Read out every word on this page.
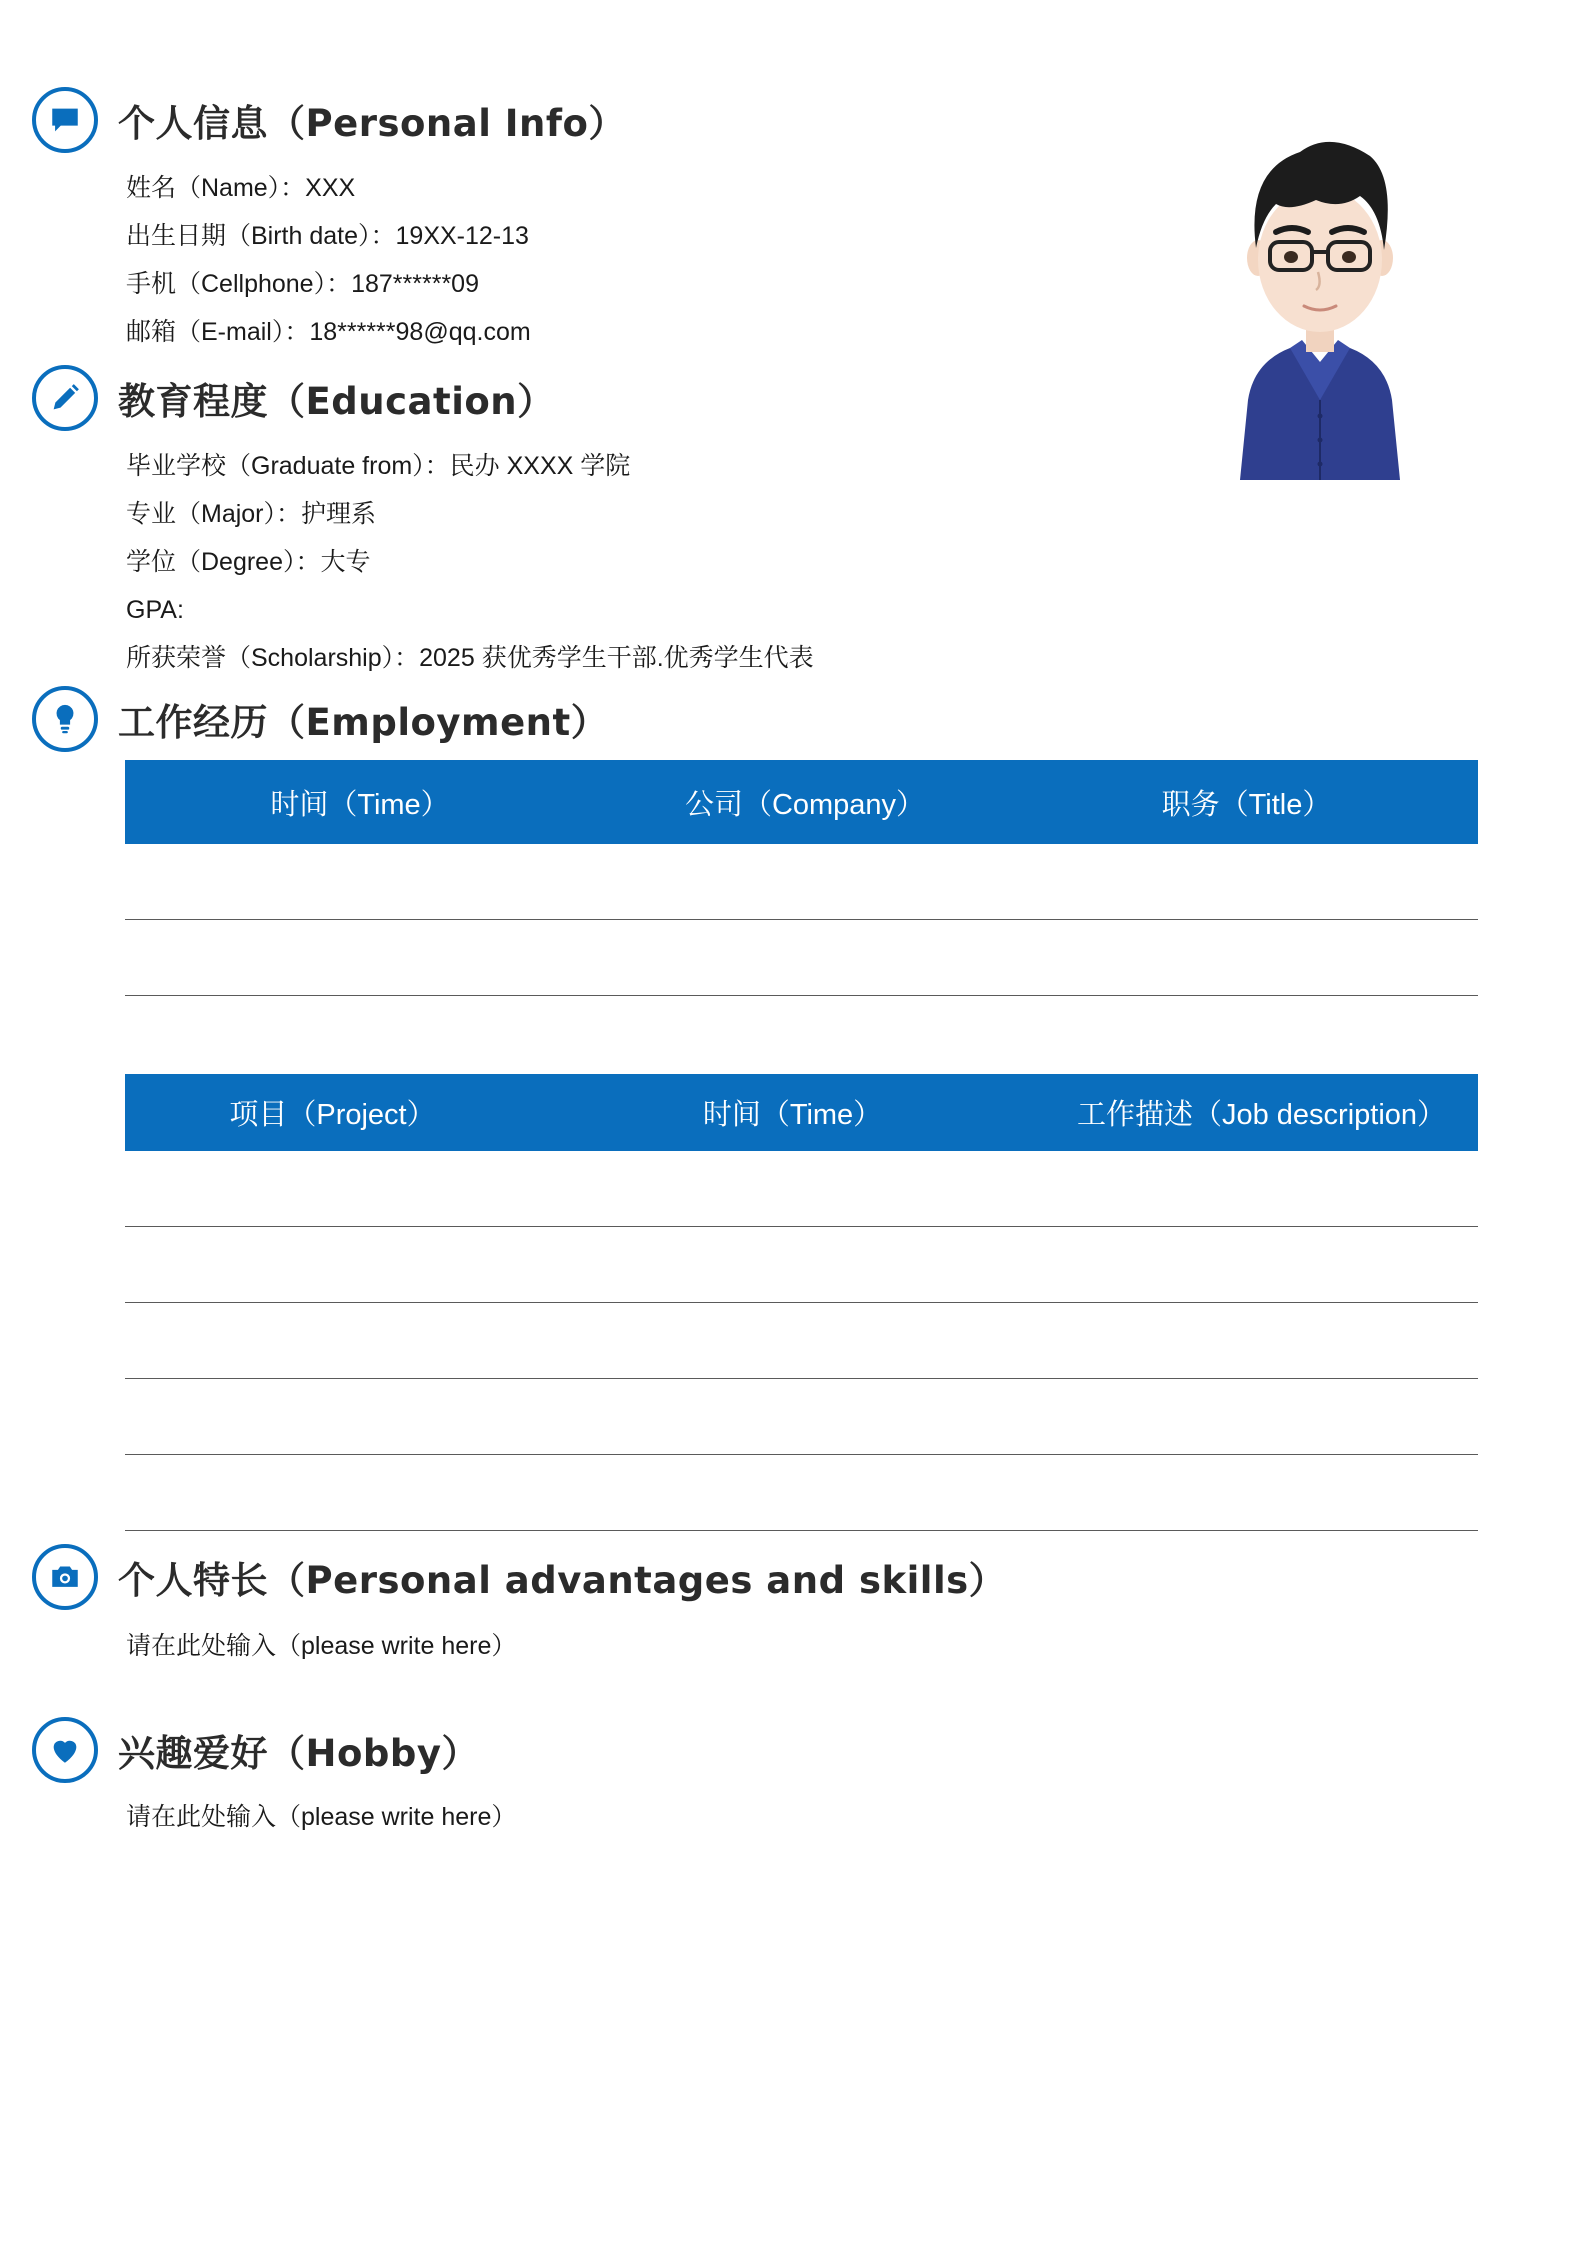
个人信息（Personal Info）
姓名（Name）：XXX
出生日期（Birth date）：19XX-12-13
手机（Cellphone）：187******09
邮箱（E-mail）：18******98@qq.com
教育程度（Education）
毕业学校（Graduate from）：民办 XXXX 学院
专业（Major）：护理系
学位（Degree）：大专
GPA:
所获荣誉（Scholarship）：2025 获优秀学生干部.优秀学生代表
工作经历（Employment）
时间（Time）	公司（Company）	职务（Title）
项目（Project）	时间（Time）	工作描述（Job description）
个人特长（Personal advantages and skills）
请在此处输入（please write here）
兴趣爱好（Hobby）
请在此处输入（please write here）
